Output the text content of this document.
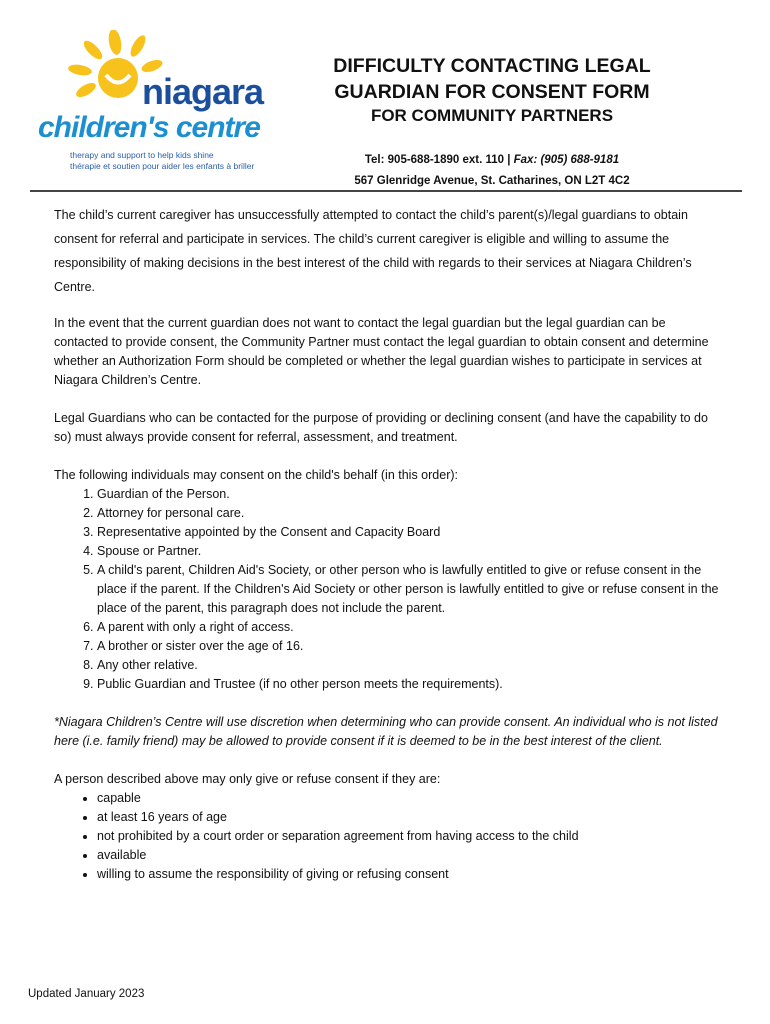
niagara
children's centre
therapy and support to help kids shine
thérapie et soutien pour aider les enfants à briller
DIFFICULTY CONTACTING LEGAL
GUARDIAN FOR CONSENT FORM
FOR COMMUNITY PARTNERS
Tel: 905-688-1890 ext. 110 | Fax: (905) 688-9181
567 Glenridge Avenue, St. Catharines, ON L2T 4C2

The child’s current caregiver has unsuccessfully attempted to contact the child’s parent(s)/legal guardians to obtain consent for referral and participate in services. The child’s current caregiver is eligible and willing to assume the responsibility of making decisions in the best interest of the child with regards to their services at Niagara Children’s Centre.

In the event that the current guardian does not want to contact the legal guardian but the legal guardian can be contacted to provide consent, the Community Partner must contact the legal guardian to obtain consent and determine whether an Authorization Form should be completed or whether the legal guardian wishes to participate in services at Niagara Children’s Centre.

Legal Guardians who can be contacted for the purpose of providing or declining consent (and have the capability to do so) must always provide consent for referral, assessment, and treatment.

The following individuals may consent on the child's behalf (in this order):

1. Guardian of the Person.
2. Attorney for personal care.
3. Representative appointed by the Consent and Capacity Board
4. Spouse or Partner.
5. A child's parent, Children Aid's Society, or other person who is lawfully entitled to give or refuse consent in the place if the parent. If the Children's Aid Society or other person is lawfully entitled to give or refuse consent in the place of the parent, this paragraph does not include the parent.
6. A parent with only a right of access.
7. A brother or sister over the age of 16.
8. Any other relative.
9. Public Guardian and Trustee (if no other person meets the requirements).

*Niagara Children’s Centre will use discretion when determining who can provide consent. An individual who is not listed here (i.e. family friend) may be allowed to provide consent if it is deemed to be in the best interest of the client.

A person described above may only give or refuse consent if they are:

• capable
• at least 16 years of age
• not prohibited by a court order or separation agreement from having access to the child
• available
• willing to assume the responsibility of giving or refusing consent
Updated January 2023
